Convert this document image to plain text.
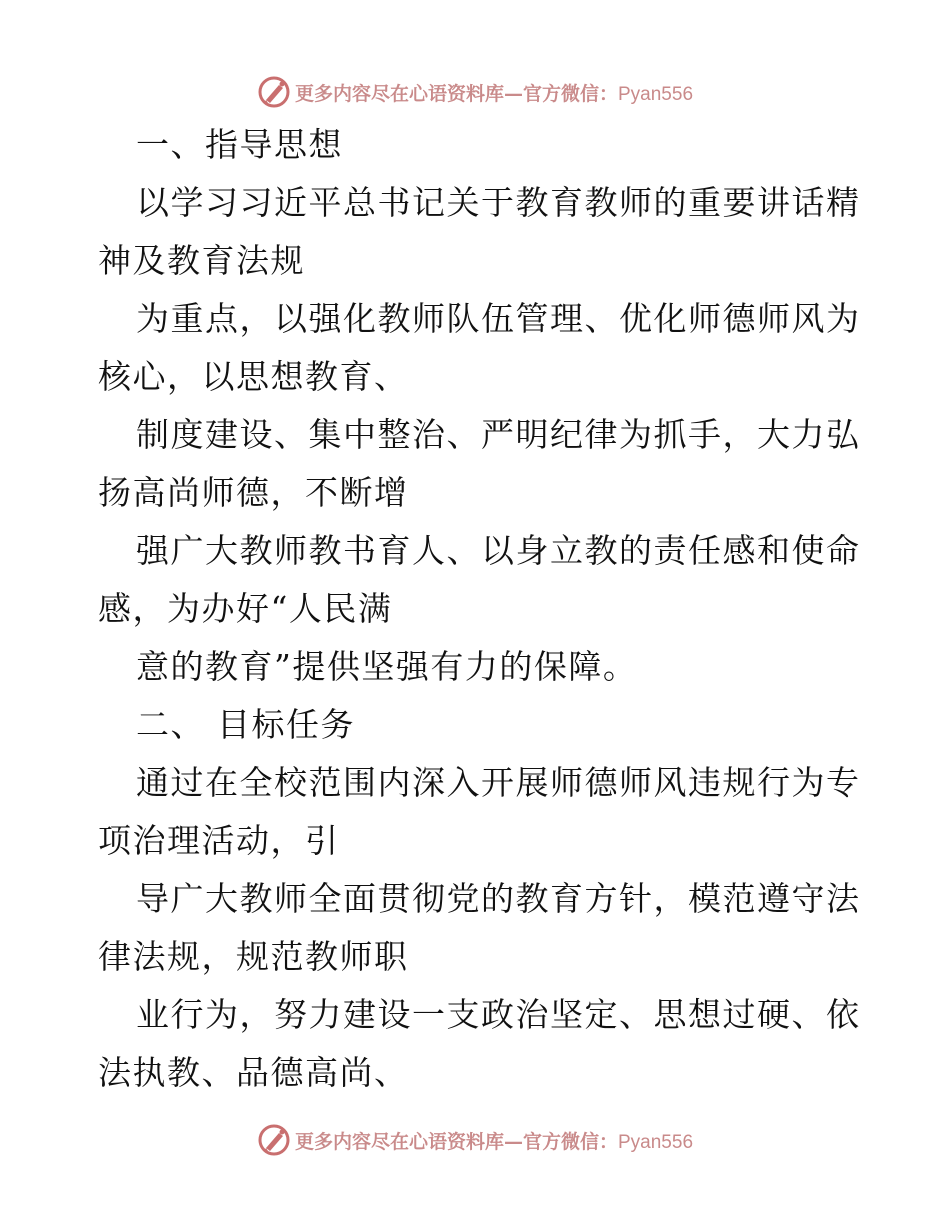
更多内容尽在心语资料库—官方微信：Pyan556
一、指导思想
以学习习近平总书记关于教育教师的重要讲话精
神及教育法规
为重点，以强化教师队伍管理、优化师德师风为
核心，以思想教育、
制度建设、集中整治、严明纪律为抓手，大力弘
扬高尚师德，不断增
强广大教师教书育人、以身立教的责任感和使命
感，为办好“人民满
意的教育”提供坚强有力的保障。
二、 目标任务
通过在全校范围内深入开展师德师风违规行为专
项治理活动，引
导广大教师全面贯彻党的教育方针，模范遵守法
律法规，规范教师职
业行为，努力建设一支政治坚定、思想过硬、依
法执教、品德高尚、
更多内容尽在心语资料库—官方微信：Pyan556
